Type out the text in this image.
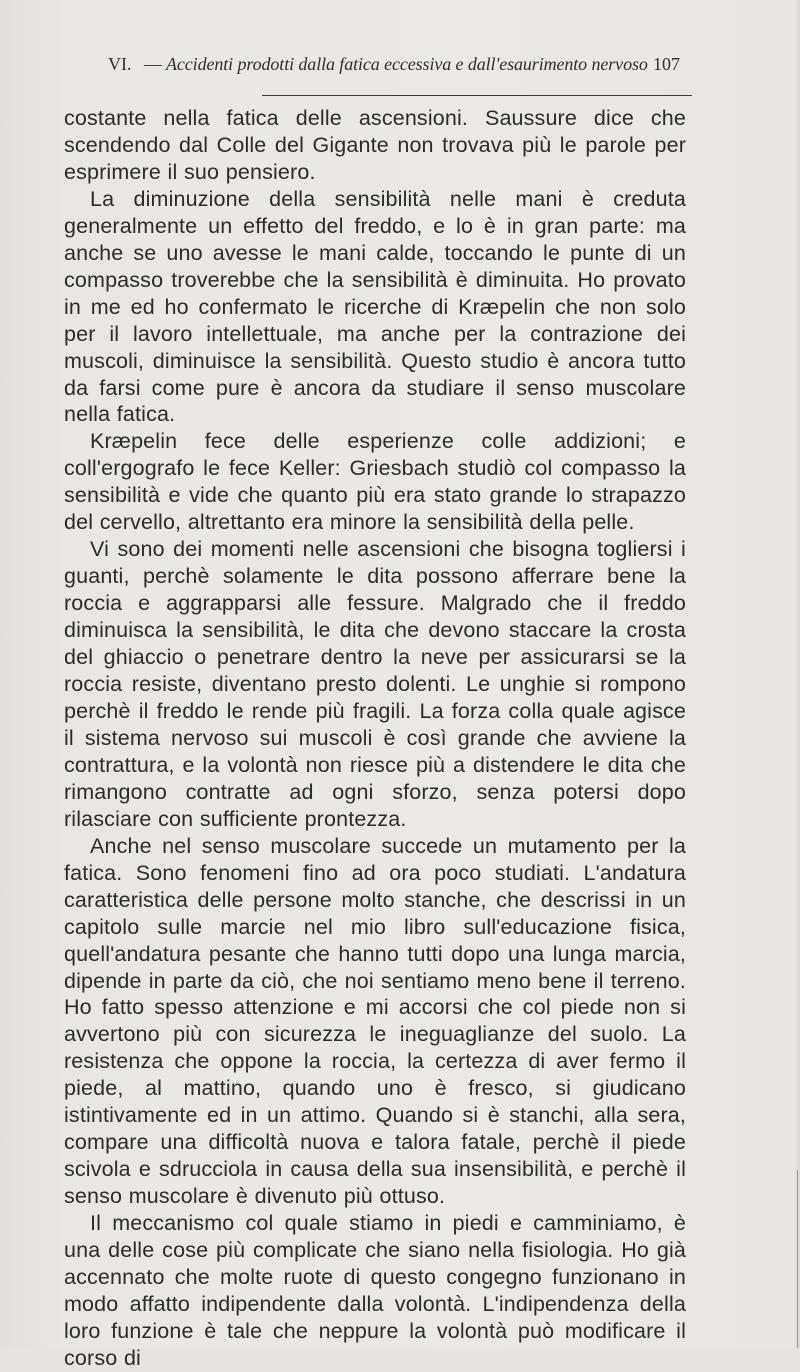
VI. — Accidenti prodotti dalla fatica eccessiva e dall'esaurimento nervoso 107

costante nella fatica delle ascensioni. Saussure dice che scendendo dal Colle del Gigante non trovava più le parole per esprimere il suo pensiero.

La diminuzione della sensibilità nelle mani è creduta generalmente un effetto del freddo, e lo è in gran parte: ma anche se uno avesse le mani calde, toccando le punte di un compasso troverebbe che la sensibilità è diminuita. Ho provato in me ed ho confermato le ricerche di Kræpelin che non solo per il lavoro intellettuale, ma anche per la contrazione dei muscoli, diminuisce la sensibilità. Questo studio è ancora tutto da farsi come pure è ancora da studiare il senso muscolare nella fatica.

Kræpelin fece delle esperienze colle addizioni; e coll'ergografo le fece Keller: Griesbach studiò col compasso la sensibilità e vide che quanto più era stato grande lo strapazzo del cervello, altrettanto era minore la sensibilità della pelle.

Vi sono dei momenti nelle ascensioni che bisogna togliersi i guanti, perchè solamente le dita possono afferrare bene la roccia e aggrapparsi alle fessure. Malgrado che il freddo diminuisca la sensibilità, le dita che devono staccare la crosta del ghiaccio o penetrare dentro la neve per assicurarsi se la roccia resiste, diventano presto dolenti. Le unghie si rompono perchè il freddo le rende più fragili. La forza colla quale agisce il sistema nervoso sui muscoli è così grande che avviene la contrattura, e la volontà non riesce più a distendere le dita che rimangono contratte ad ogni sforzo, senza potersi dopo rilasciare con sufficiente prontezza.

Anche nel senso muscolare succede un mutamento per la fatica. Sono fenomeni fino ad ora poco studiati. L'andatura caratteristica delle persone molto stanche, che descrissi in un capitolo sulle marcie nel mio libro sull'educazione fisica, quell'andatura pesante che hanno tutti dopo una lunga marcia, dipende in parte da ciò, che noi sentiamo meno bene il terreno. Ho fatto spesso attenzione e mi accorsi che col piede non si avvertono più con sicurezza le ineguaglianze del suolo. La resistenza che oppone la roccia, la certezza di aver fermo il piede, al mattino, quando uno è fresco, si giudicano istintivamente ed in un attimo. Quando si è stanchi, alla sera, compare una difficoltà nuova e talora fatale, perchè il piede scivola e sdrucciola in causa della sua insensibilità, e perchè il senso muscolare è divenuto più ottuso.

Il meccanismo col quale stiamo in piedi e camminiamo, è una delle cose più complicate che siano nella fisiologia. Ho già accennato che molte ruote di questo congegno funzionano in modo affatto indipendente dalla volontà. L'indipendenza della loro funzione è tale che neppure la volontà può modificare il corso di
